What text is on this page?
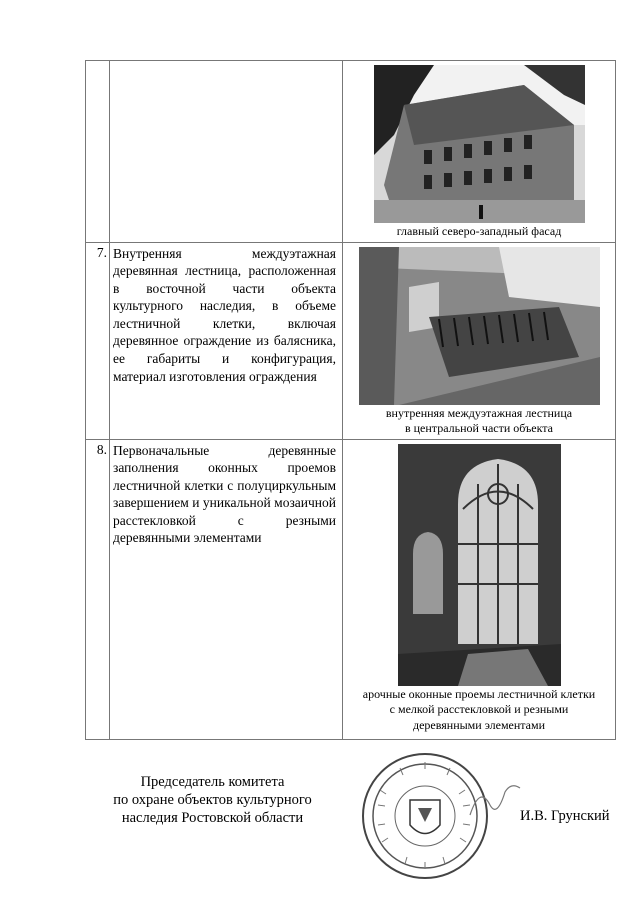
		главный северо-западный фасад

7.	Внутренняя междуэтажная деревянная лестница, расположенная в восточной части объекта культурного наследия, в объеме лестничной клетки, включая деревянное ограждение из балясника, ее габариты и конфигурация, материал изготовления ограждения	внутренняя междуэтажная лестница
в центральной части объекта

8.	Первоначальные деревянные заполнения оконных проемов лестничной клетки с полуциркульным завершением и уникальной мозаичной расстекловкой с резными деревянными элементами	арочные оконные проемы лестничной клетки
с мелкой расстекловкой и резными
деревянными элементами
Председатель комитета
по охране объектов культурного
наследия Ростовской области	И.В. Грунский
